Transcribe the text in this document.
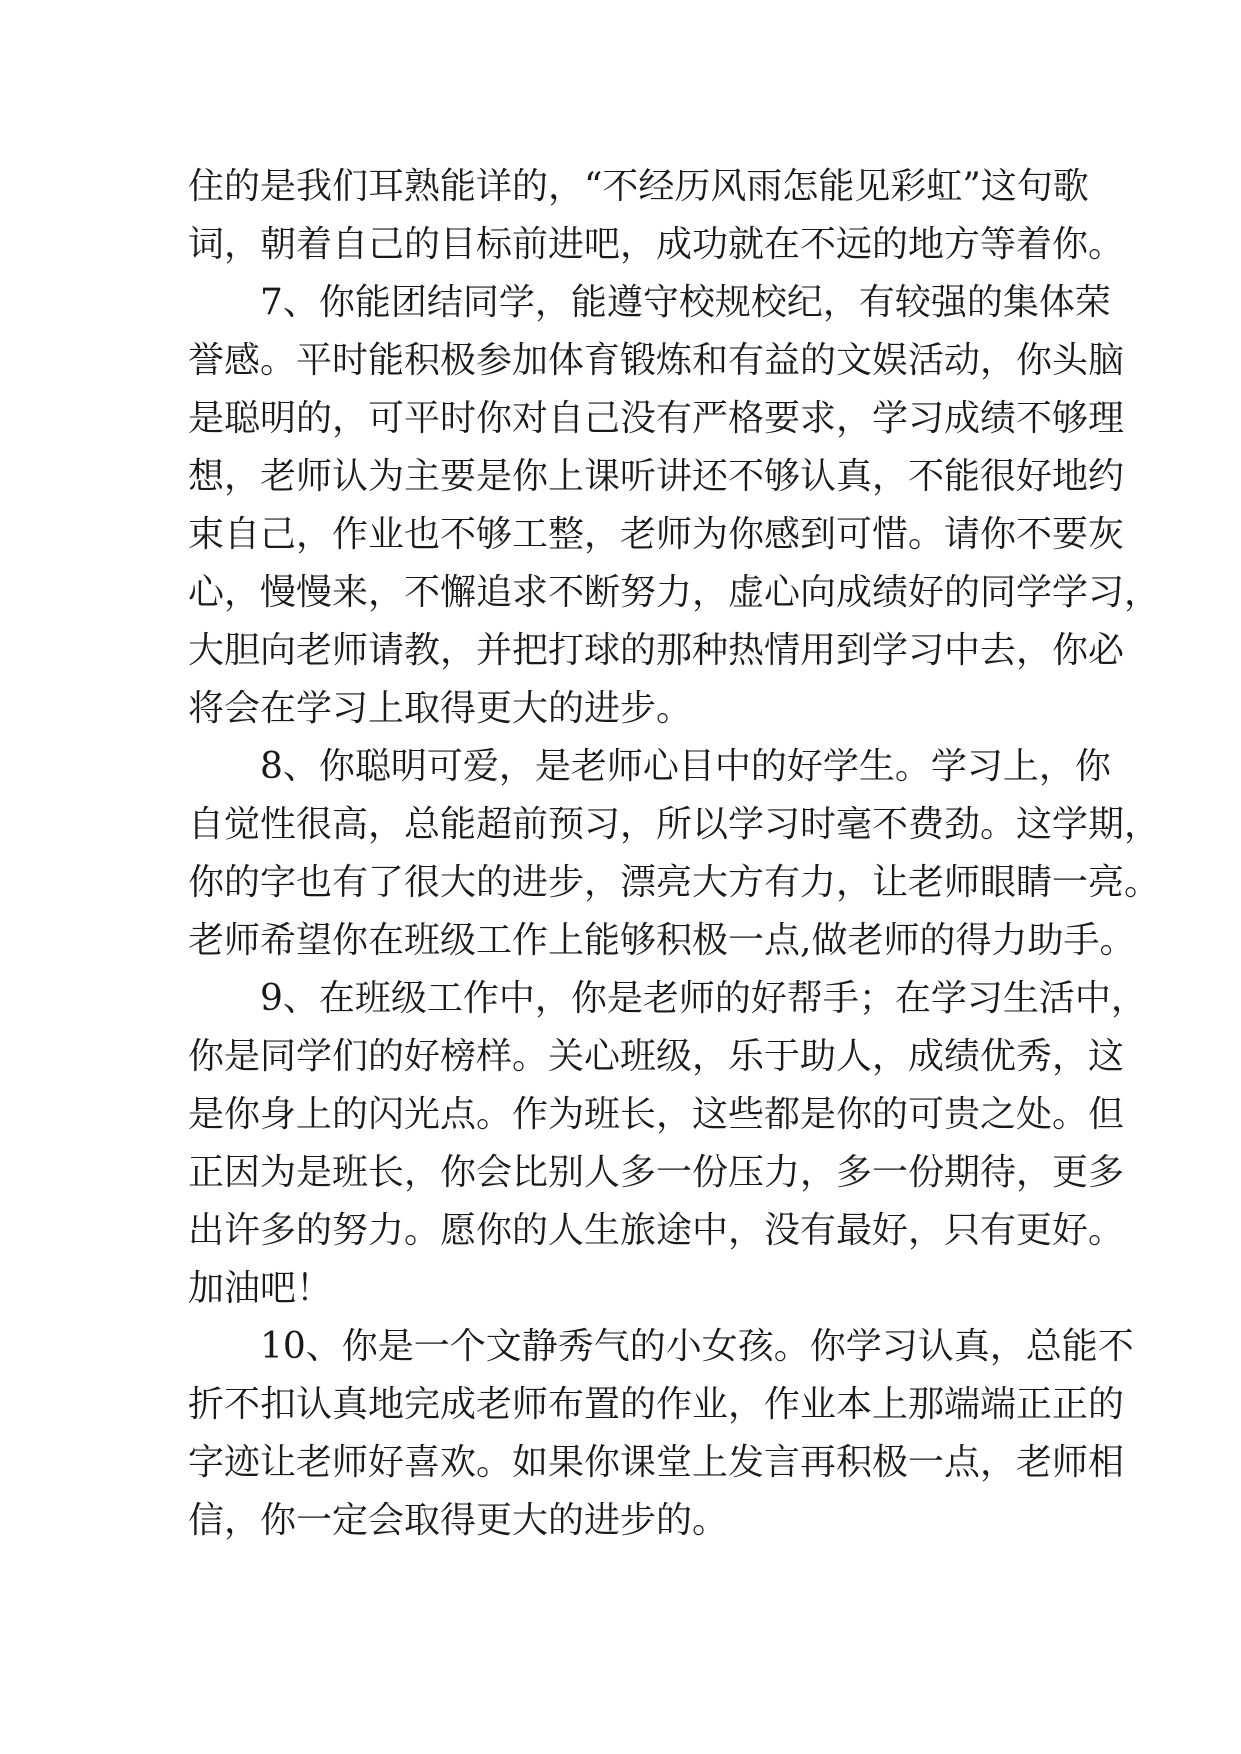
住的是我们耳熟能详的，“不经历风雨怎能见彩虹”这句歌
词，朝着自己的目标前进吧，成功就在不远的地方等着你。
7、你能团结同学，能遵守校规校纪，有较强的集体荣
誉感。平时能积极参加体育锻炼和有益的文娱活动，你头脑
是聪明的，可平时你对自己没有严格要求，学习成绩不够理
想，老师认为主要是你上课听讲还不够认真，不能很好地约
束自己，作业也不够工整，老师为你感到可惜。请你不要灰
心，慢慢来，不懈追求不断努力，虚心向成绩好的同学学习，
大胆向老师请教，并把打球的那种热情用到学习中去，你必
将会在学习上取得更大的进步。
8、你聪明可爱，是老师心目中的好学生。学习上，你
自觉性很高，总能超前预习，所以学习时毫不费劲。这学期，
你的字也有了很大的进步，漂亮大方有力，让老师眼睛一亮。
老师希望你在班级工作上能够积极一点,做老师的得力助手。
9、在班级工作中，你是老师的好帮手；在学习生活中，
你是同学们的好榜样。关心班级，乐于助人，成绩优秀，这
是你身上的闪光点。作为班长，这些都是你的可贵之处。但
正因为是班长，你会比别人多一份压力，多一份期待，更多
出许多的努力。愿你的人生旅途中，没有最好，只有更好。
加油吧！
10、你是一个文静秀气的小女孩。你学习认真，总能不
折不扣认真地完成老师布置的作业，作业本上那端端正正的
字迹让老师好喜欢。如果你课堂上发言再积极一点，老师相
信，你一定会取得更大的进步的。
